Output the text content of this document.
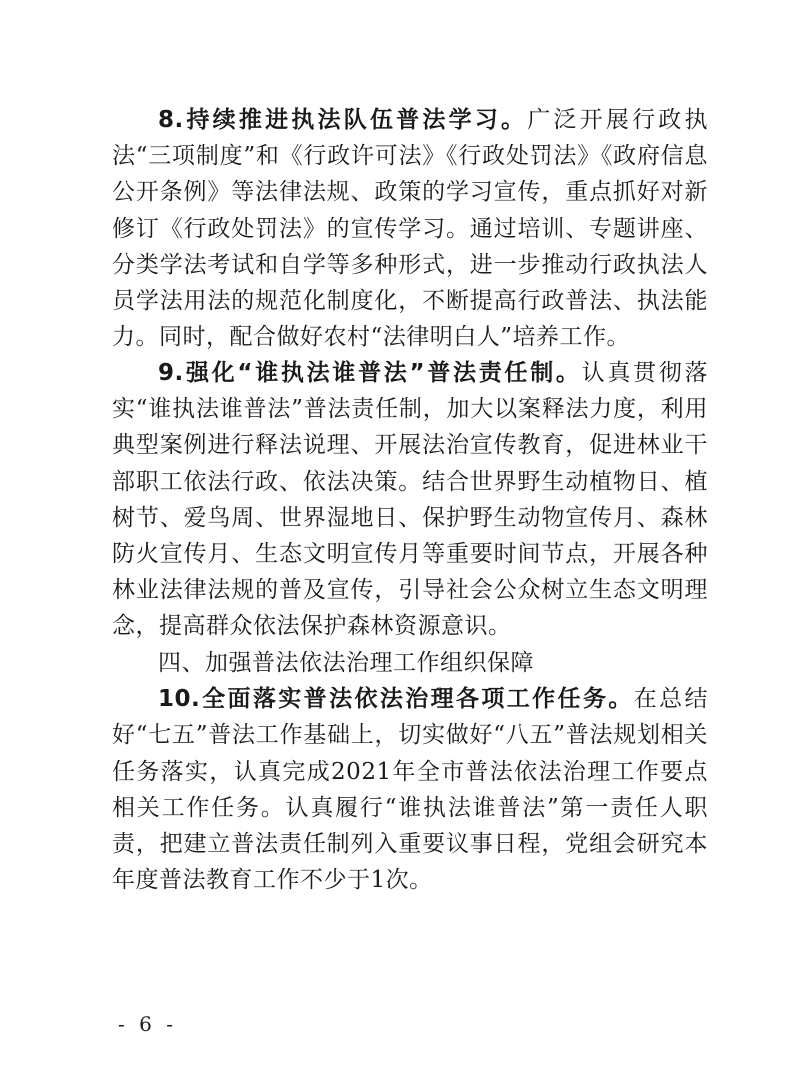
8.持续推进执法队伍普法学习。广泛开展行政执法“三项制度”和《行政许可法》《行政处罚法》《政府信息公开条例》等法律法规、政策的学习宣传，重点抓好对新修订《行政处罚法》的宣传学习。通过培训、专题讲座、分类学法考试和自学等多种形式，进一步推动行政执法人员学法用法的规范化制度化，不断提高行政普法、执法能力。同时，配合做好农村“法律明白人”培养工作。

9.强化“谁执法谁普法”普法责任制。认真贯彻落实“谁执法谁普法”普法责任制，加大以案释法力度，利用典型案例进行释法说理、开展法治宣传教育，促进林业干部职工依法行政、依法决策。结合世界野生动植物日、植树节、爱鸟周、世界湿地日、保护野生动物宣传月、森林防火宣传月、生态文明宣传月等重要时间节点，开展各种林业法律法规的普及宣传，引导社会公众树立生态文明理念，提高群众依法保护森林资源意识。

四、加强普法依法治理工作组织保障

10.全面落实普法依法治理各项工作任务。在总结好“七五”普法工作基础上，切实做好“八五”普法规划相关任务落实，认真完成2021年全市普法依法治理工作要点相关工作任务。认真履行“谁执法谁普法”第一责任人职责，把建立普法责任制列入重要议事日程，党组会研究本年度普法教育工作不少于1次。

- 6 -
